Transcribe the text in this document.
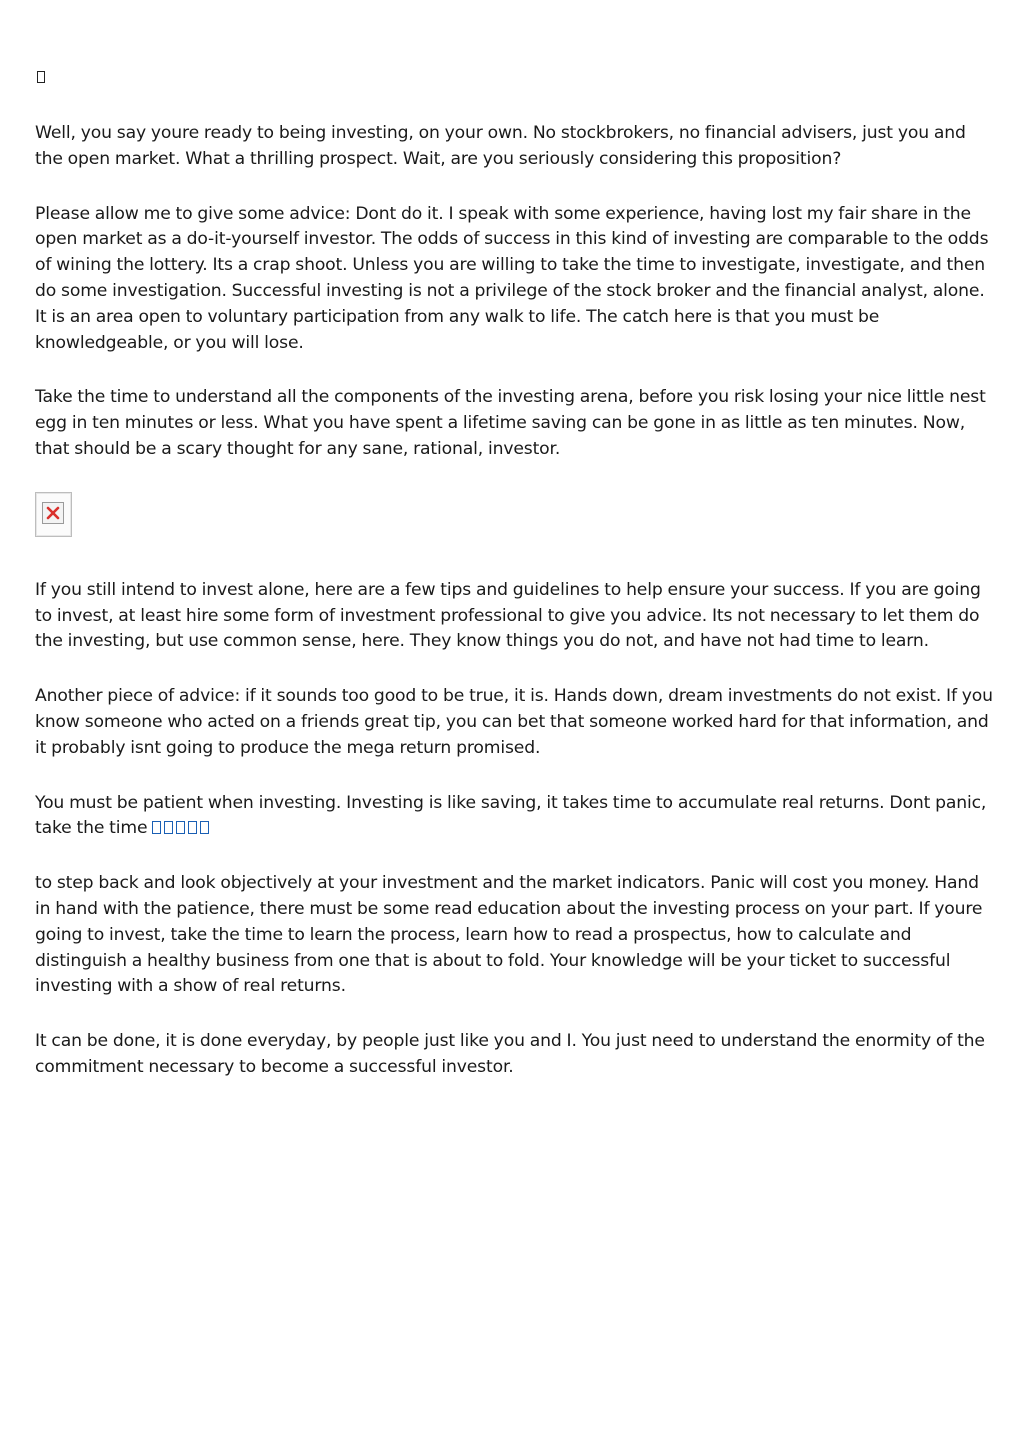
Well, you say youre ready to being investing, on your own. No stockbrokers, no financial advisers, just you and the open market. What a thrilling prospect. Wait, are you seriously considering this proposition?

Please allow me to give some advice: Dont do it. I speak with some experience, having lost my fair share in the open market as a do-it-yourself investor. The odds of success in this kind of investing are comparable to the odds of wining the lottery. Its a crap shoot. Unless you are willing to take the time to investigate, investigate, and then do some investigation. Successful investing is not a privilege of the stock broker and the financial analyst, alone. It is an area open to voluntary participation from any walk to life. The catch here is that you must be knowledgeable, or you will lose.

Take the time to understand all the components of the investing arena, before you risk losing your nice little nest egg in ten minutes or less. What you have spent a lifetime saving can be gone in as little as ten minutes. Now, that should be a scary thought for any sane, rational, investor.

If you still intend to invest alone, here are a few tips and guidelines to help ensure your success. If you are going to invest, at least hire some form of investment professional to give you advice. Its not necessary to let them do the investing, but use common sense, here. They know things you do not, and have not had time to learn.

Another piece of advice: if it sounds too good to be true, it is. Hands down, dream investments do not exist. If you know someone who acted on a friends great tip, you can bet that someone worked hard for that information, and it probably isnt going to produce the mega return promised.

You must be patient when investing. Investing is like saving, it takes time to accumulate real returns. Dont panic, take the time

to step back and look objectively at your investment and the market indicators. Panic will cost you money. Hand in hand with the patience, there must be some read education about the investing process on your part. If youre going to invest, take the time to learn the process, learn how to read a prospectus, how to calculate and distinguish a healthy business from one that is about to fold. Your knowledge will be your ticket to successful investing with a show of real returns.

It can be done, it is done everyday, by people just like you and I. You just need to understand the enormity of the commitment necessary to become a successful investor.
